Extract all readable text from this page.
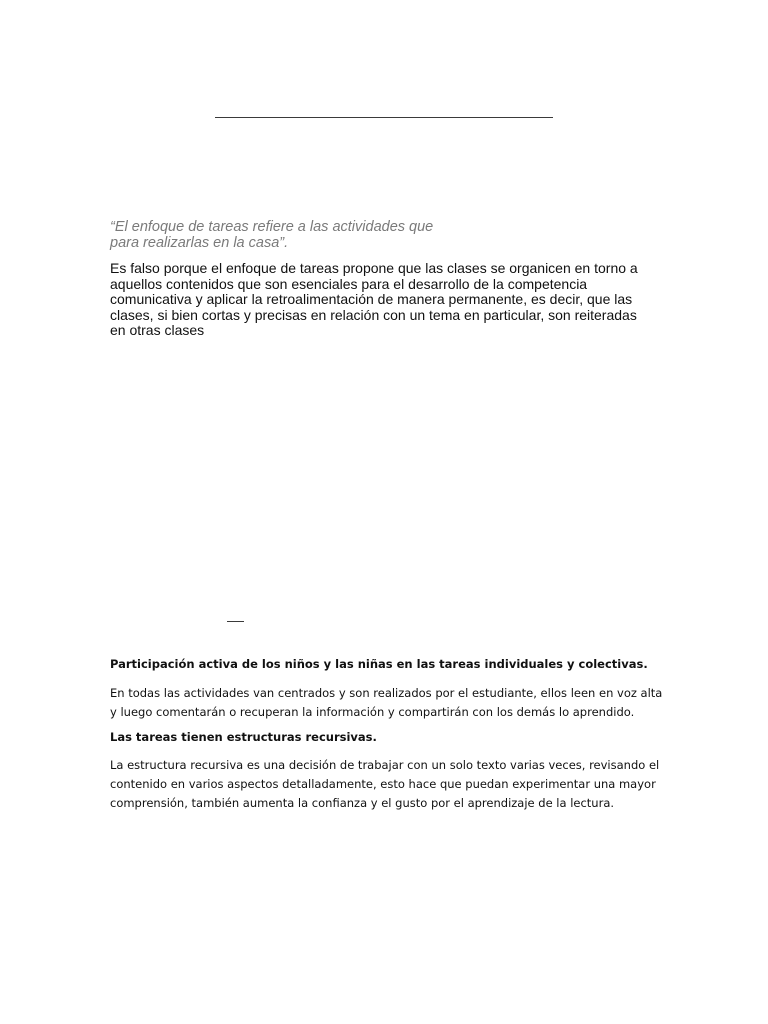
“El enfoque de tareas refiere a las actividades que
para realizarlas en la casa”.

Es falso porque el enfoque de tareas propone que las clases se organicen en torno a
aquellos contenidos que son esenciales para el desarrollo de la competencia
comunicativa y aplicar la retroalimentación de manera permanente, es decir, que las
clases, si bien cortas y precisas en relación con un tema en particular, son reiteradas
en otras clases

Participación activa de los niños y las niñas en las tareas individuales y colectivas.

En todas las actividades van centrados y son realizados por el estudiante, ellos leen en voz alta
y luego comentarán o recuperan la información y compartirán con los demás lo aprendido.

Las tareas tienen estructuras recursivas.

La estructura recursiva es una decisión de trabajar con un solo texto varias veces, revisando el
contenido en varios aspectos detalladamente, esto hace que puedan experimentar una mayor
comprensión, también aumenta la confianza y el gusto por el aprendizaje de la lectura.
